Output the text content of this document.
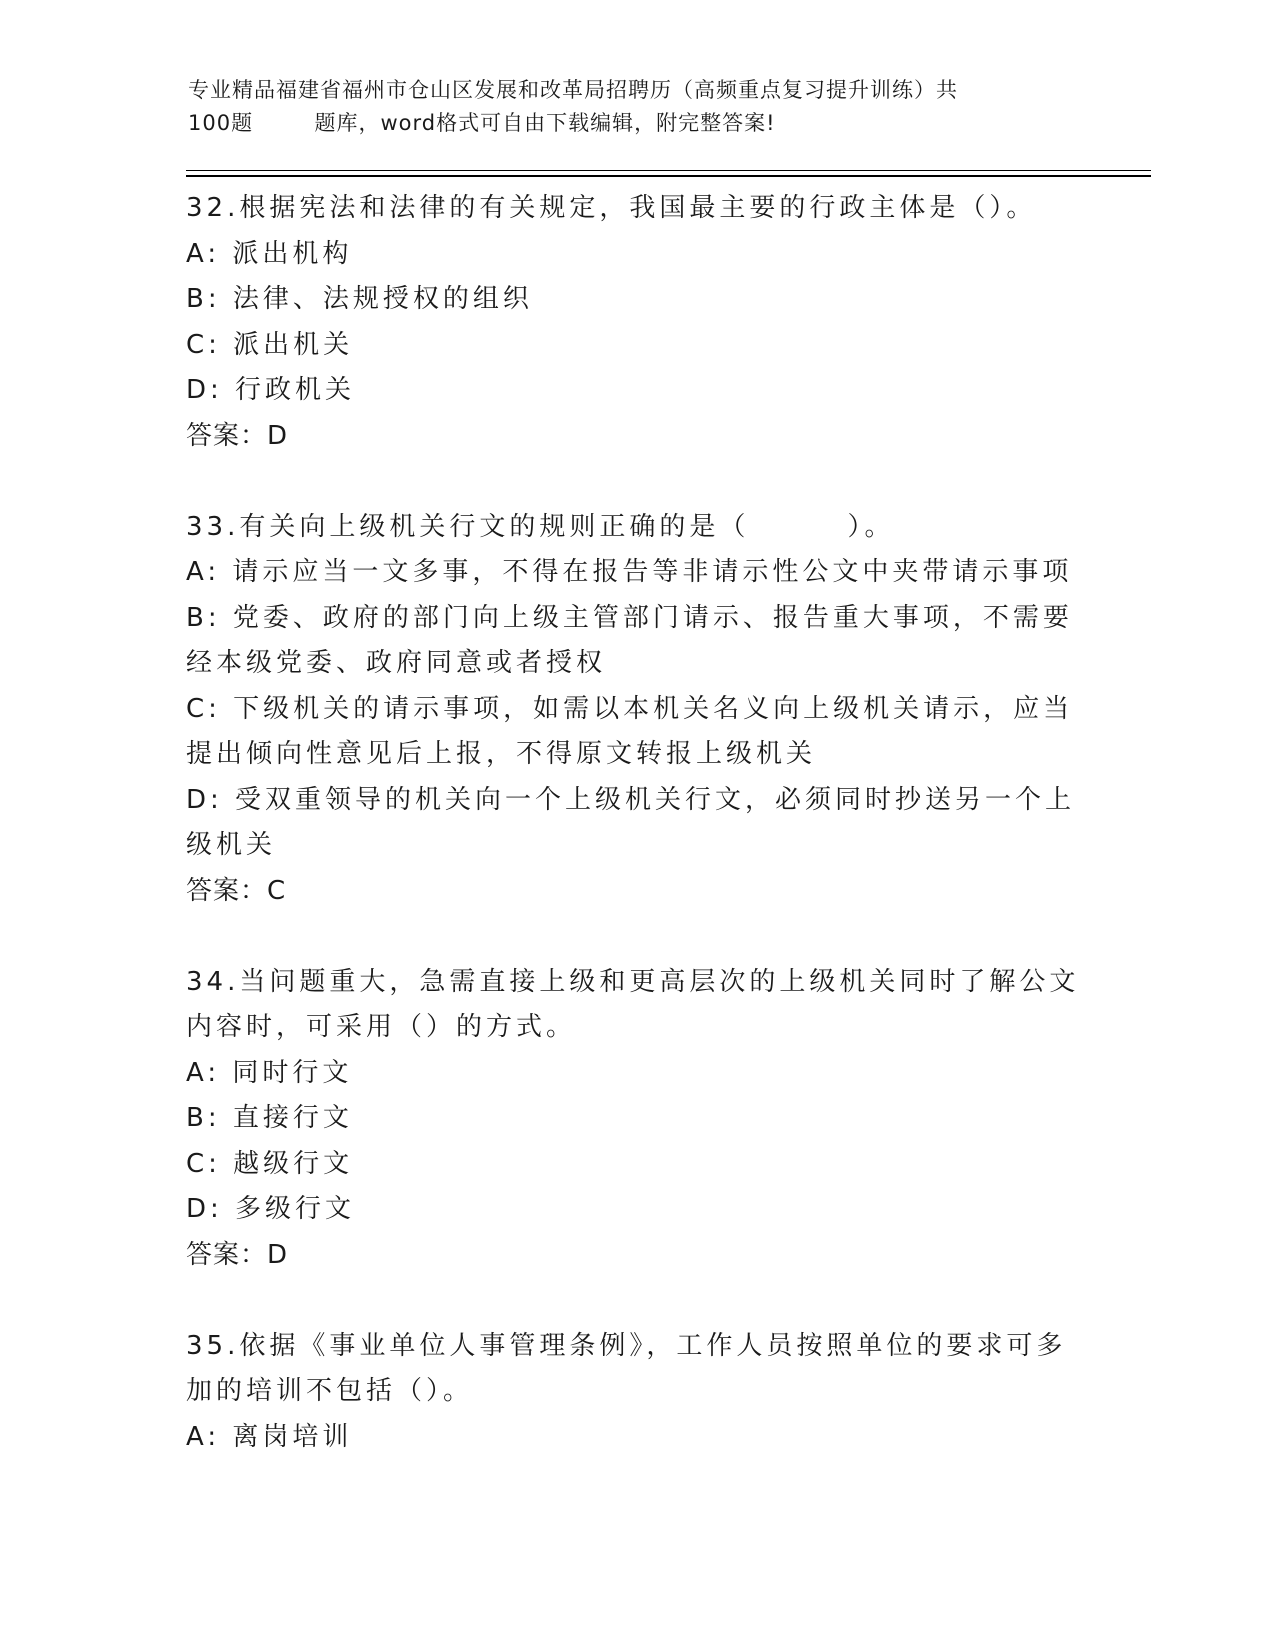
专业精品福建省福州市仓山区发展和改革局招聘历（高频重点复习提升训练）共
100题        题库，word格式可自由下载编辑，附完整答案!

32.根据宪法和法律的有关规定，我国最主要的行政主体是（）。

A: 派出机构

B: 法律、法规授权的组织

C: 派出机关

D: 行政机关

答案：D

33.有关向上级机关行文的规则正确的是（        ）。

A: 请示应当一文多事，不得在报告等非请示性公文中夹带请示事项

B: 党委、政府的部门向上级主管部门请示、报告重大事项，不需要经本级党委、政府同意或者授权

C: 下级机关的请示事项，如需以本机关名义向上级机关请示，应当提出倾向性意见后上报，不得原文转报上级机关

D: 受双重领导的机关向一个上级机关行文，必须同时抄送另一个上级机关

答案：C

34.当问题重大，急需直接上级和更高层次的上级机关同时了解公文内容时，可采用（）的方式。

A: 同时行文

B: 直接行文

C: 越级行文

D: 多级行文

答案：D

35.依据《事业单位人事管理条例》，工作人员按照单位的要求可多加的培训不包括（）。

A: 离岗培训
